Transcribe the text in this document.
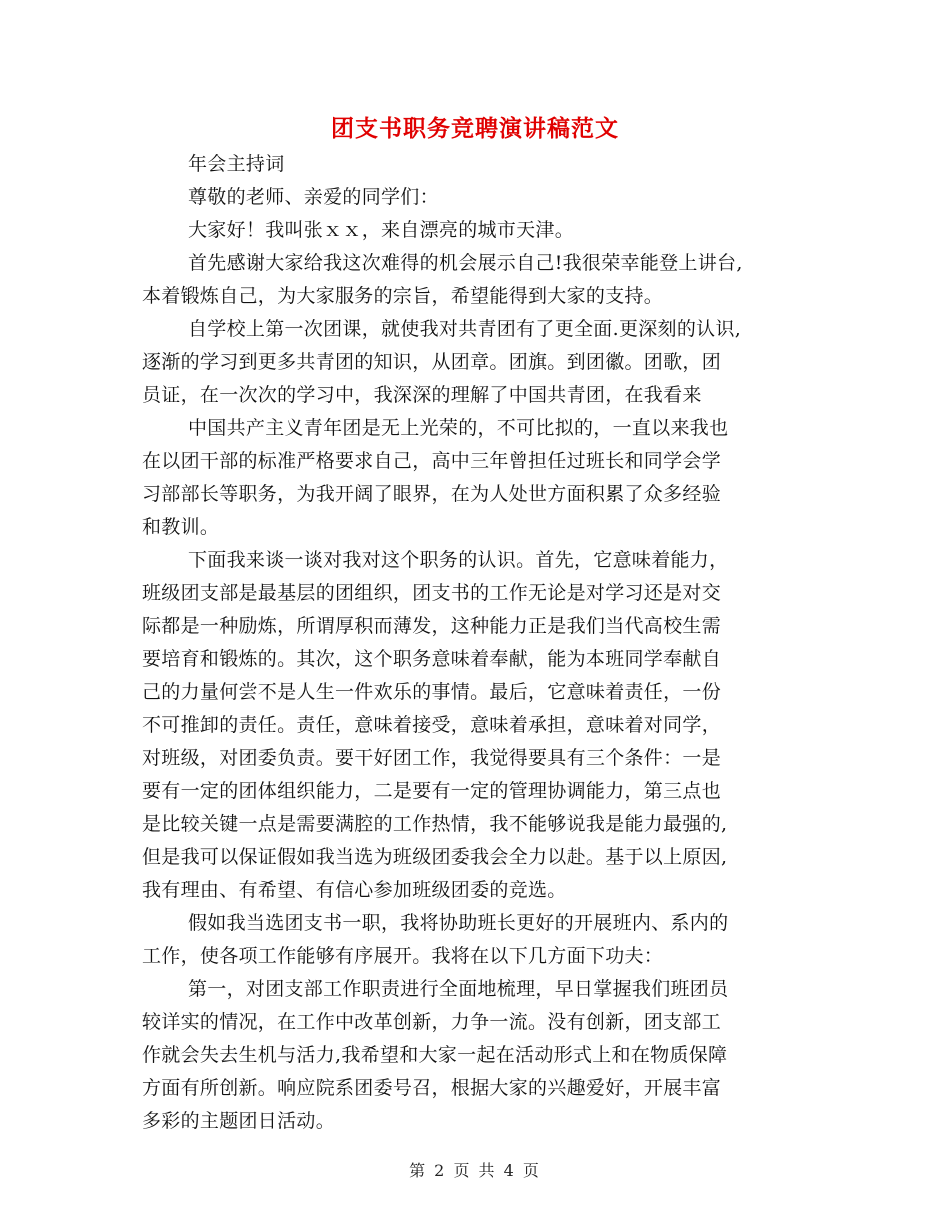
团支书职务竞聘演讲稿范文
年会主持词
尊敬的老师、亲爱的同学们：
大家好！我叫张ｘｘ，来自漂亮的城市天津。
首先感谢大家给我这次难得的机会展示自己!我很荣幸能登上讲台,
本着锻炼自己，为大家服务的宗旨，希望能得到大家的支持。
自学校上第一次团课，就使我对共青团有了更全面.更深刻的认识,
逐渐的学习到更多共青团的知识，从团章。团旗。到团徽。团歌，团
员证，在一次次的学习中，我深深的理解了中国共青团，在我看来
中国共产主义青年团是无上光荣的，不可比拟的，一直以来我也
在以团干部的标准严格要求自己，高中三年曾担任过班长和同学会学
习部部长等职务，为我开阔了眼界，在为人处世方面积累了众多经验
和教训。
下面我来谈一谈对我对这个职务的认识。首先，它意味着能力，
班级团支部是最基层的团组织，团支书的工作无论是对学习还是对交
际都是一种励炼，所谓厚积而薄发，这种能力正是我们当代高校生需
要培育和锻炼的。其次，这个职务意味着奉献，能为本班同学奉献自
己的力量何尝不是人生一件欢乐的事情。最后，它意味着责任，一份
不可推卸的责任。责任，意味着接受，意味着承担，意味着对同学，
对班级，对团委负责。要干好团工作，我觉得要具有三个条件：一是
要有一定的团体组织能力，二是要有一定的管理协调能力，第三点也
是比较关键一点是需要满腔的工作热情，我不能够说我是能力最强的,
但是我可以保证假如我当选为班级团委我会全力以赴。基于以上原因,
我有理由、有希望、有信心参加班级团委的竞选。
假如我当选团支书一职，我将协助班长更好的开展班内、系内的
工作，使各项工作能够有序展开。我将在以下几方面下功夫：
第一，对团支部工作职责进行全面地梳理，早日掌握我们班团员
较详实的情况，在工作中改革创新，力争一流。没有创新，团支部工
作就会失去生机与活力,我希望和大家一起在活动形式上和在物质保障
方面有所创新。响应院系团委号召，根据大家的兴趣爱好，开展丰富
多彩的主题团日活动。
第 2 页 共 4 页
